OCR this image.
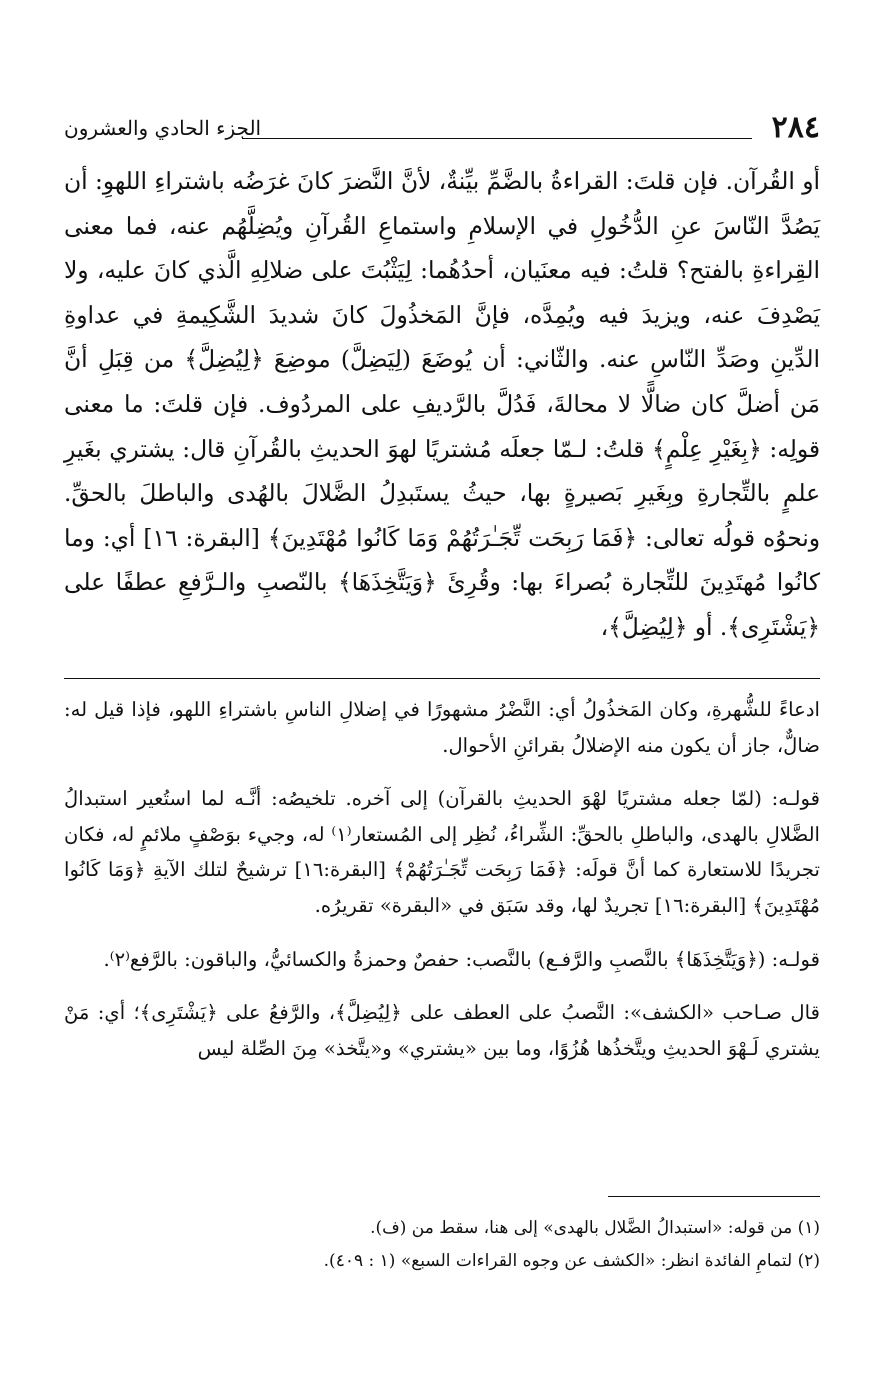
٢٨٤
الجزء الحادي والعشرون

أو القُرآن. فإن قلتَ: القراءةُ بالضَّمِّ بيِّنةٌ، لأنَّ النَّضرَ كانَ غرَضُه باشتراءِ اللهوِ: أن يَصُدَّ النّاسَ عنِ الدُّخُولِ في الإسلامِ واستماعِ القُرآنِ ويُضِلَّهُم عنه، فما معنى القِراءةِ بالفتح؟ قلتُ: فيه معنَيان، أحدُهُما: لِيَثْبُتَ على ضلالِهِ الَّذي كانَ عليه، ولا يَصْدِفَ عنه، ويزيدَ فيه ويُمِدَّه، فإنَّ المَخذُولَ كانَ شديدَ الشَّكِيمةِ في عداوةِ الدِّينِ وصَدِّ النّاسِ عنه. والثّاني: أن يُوضَعَ (لِيَضِلَّ) موضِعَ ﴿لِيُضِلَّ﴾ من قِبَلِ أنَّ مَن أضلَّ كان ضالًّا لا محالةَ، فَدُلَّ بالرَّديفِ على المردُوف. فإن قلتَ: ما معنى قولِه: ﴿بِغَيْرِ عِلْمٍ﴾ قلتُ: لـمّا جعلَه مُشتريًا لهوَ الحديثِ بالقُرآنِ قال: يشتري بغَيرِ علمٍ بالتِّجارةِ وبِغَيرِ بَصيرةٍ بها، حيثُ يستَبدِلُ الضَّلالَ بالهُدى والباطلَ بالحقِّ. ونحوُه قولُه تعالى: ﴿فَمَا رَبِحَت تِّجَـٰرَتُهُمْ وَمَا كَانُوا مُهْتَدِينَ﴾ [البقرة: ١٦] أي: وما كانُوا مُهتَدِينَ للتِّجارة بُصراءَ بها: وقُرِئَ ﴿وَيَتَّخِذَهَا﴾ بالنّصبِ والـرَّفعِ عطفًا على ﴿يَشْتَرِى﴾. أو ﴿لِيُضِلَّ﴾،

ادعاءً للشُّهرةِ، وكان المَخذُولُ أي: النَّضْرُ مشهورًا في إضلالِ الناسِ باشتراءِ اللهو، فإذا قيل له: ضالٌّ، جاز أن يكون منه الإضلالُ بقرائنِ الأحوال.

قولـه: (لمّا جعله مشتريًا لهْوَ الحديثِ بالقرآن) إلى آخره. تلخيصُه: أنَّـه لما استُعير استبدالُ الضَّلالِ بالهدى، والباطلِ بالحقِّ: الشِّراءُ، نُظِر إلى المُستعار⁽١⁾ له، وجيء بوَصْفٍ ملائمٍ له، فكان تجريدًا للاستعارة كما أنَّ قولَه: ﴿فَمَا رَبِحَت تِّجَـٰرَتُهُمْ﴾ [البقرة:١٦] ترشيحٌ لتلك الآيةِ ﴿وَمَا كَانُوا مُهْتَدِينَ﴾ [البقرة:١٦] تجريدٌ لها، وقد سَبَق في «البقرة» تقريرُه.

قولـه: (﴿وَيَتَّخِذَهَا﴾ بالنَّصبِ والرَّفـع) بالنَّصب: حفصٌ وحمزةُ والكسائيُّ، والباقون: بالرَّفع⁽٢⁾.

قال صـاحب «الكشف»: النَّصبُ على العطف على ﴿لِيُضِلَّ﴾، والرَّفعُ على ﴿يَشْتَرِى﴾؛ أي: مَنْ يشتري لَـهْوَ الحديثِ ويتَّخذُها هُزُوًا، وما بين «يشتري» و«يتَّخذ» مِنَ الصِّلة ليس

(١) من قوله: «استبدالُ الضَّلال بالهدى» إلى هنا، سقط من (ف).

(٢) لتمامِ الفائدة انظر: «الكشف عن وجوه القراءات السبع» (١ : ٤٠٩).
